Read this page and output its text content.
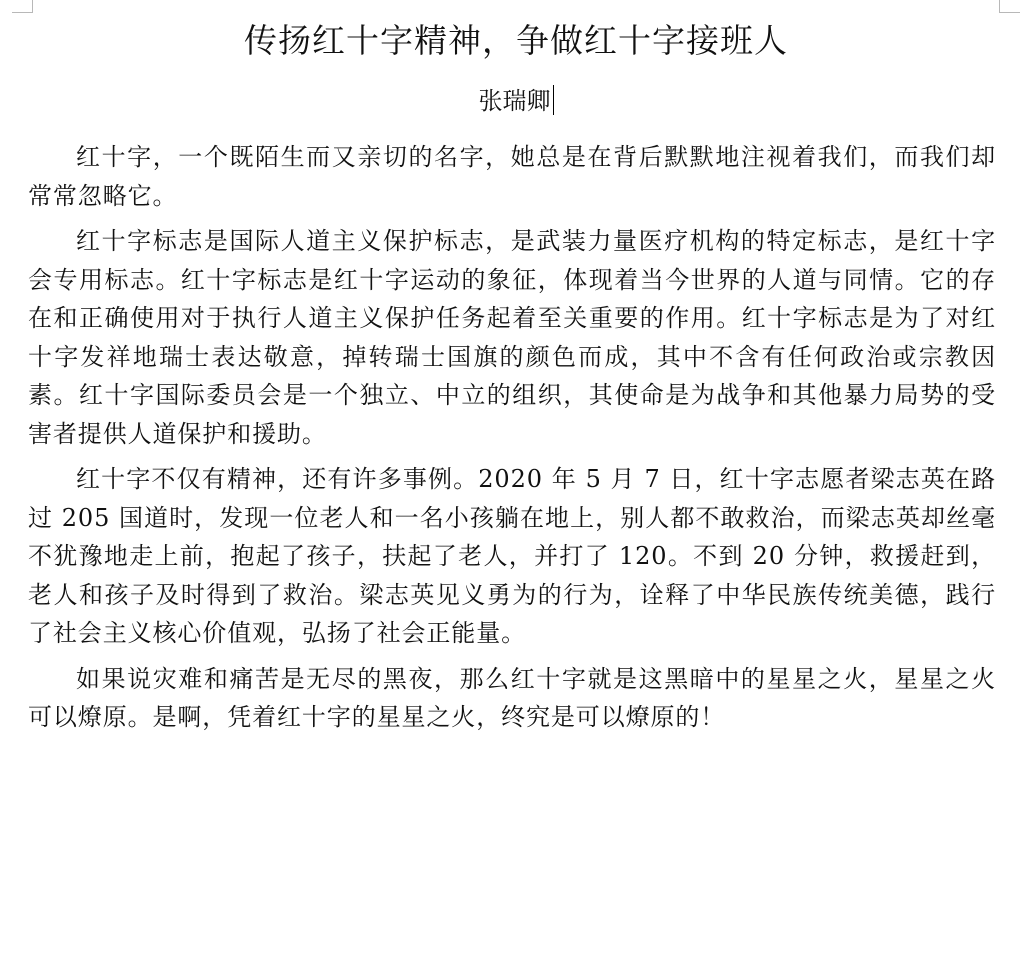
传扬红十字精神，争做红十字接班人
张瑞卿

红十字，一个既陌生而又亲切的名字，她总是在背后默默地注视着我们，而我们却常常忽略它。

红十字标志是国际人道主义保护标志，是武装力量医疗机构的特定标志，是红十字会专用标志。红十字标志是红十字运动的象征，体现着当今世界的人道与同情。它的存在和正确使用对于执行人道主义保护任务起着至关重要的作用。红十字标志是为了对红十字发祥地瑞士表达敬意，掉转瑞士国旗的颜色而成，其中不含有任何政治或宗教因素。红十字国际委员会是一个独立、中立的组织，其使命是为战争和其他暴力局势的受害者提供人道保护和援助。

红十字不仅有精神，还有许多事例。2020 年 5 月 7 日，红十字志愿者梁志英在路过 205 国道时，发现一位老人和一名小孩躺在地上，别人都不敢救治，而梁志英却丝毫不犹豫地走上前，抱起了孩子，扶起了老人，并打了 120。不到 20 分钟，救援赶到，老人和孩子及时得到了救治。梁志英见义勇为的行为，诠释了中华民族传统美德，践行了社会主义核心价值观，弘扬了社会正能量。

如果说灾难和痛苦是无尽的黑夜，那么红十字就是这黑暗中的星星之火，星星之火可以燎原。是啊，凭着红十字的星星之火，终究是可以燎原的！
